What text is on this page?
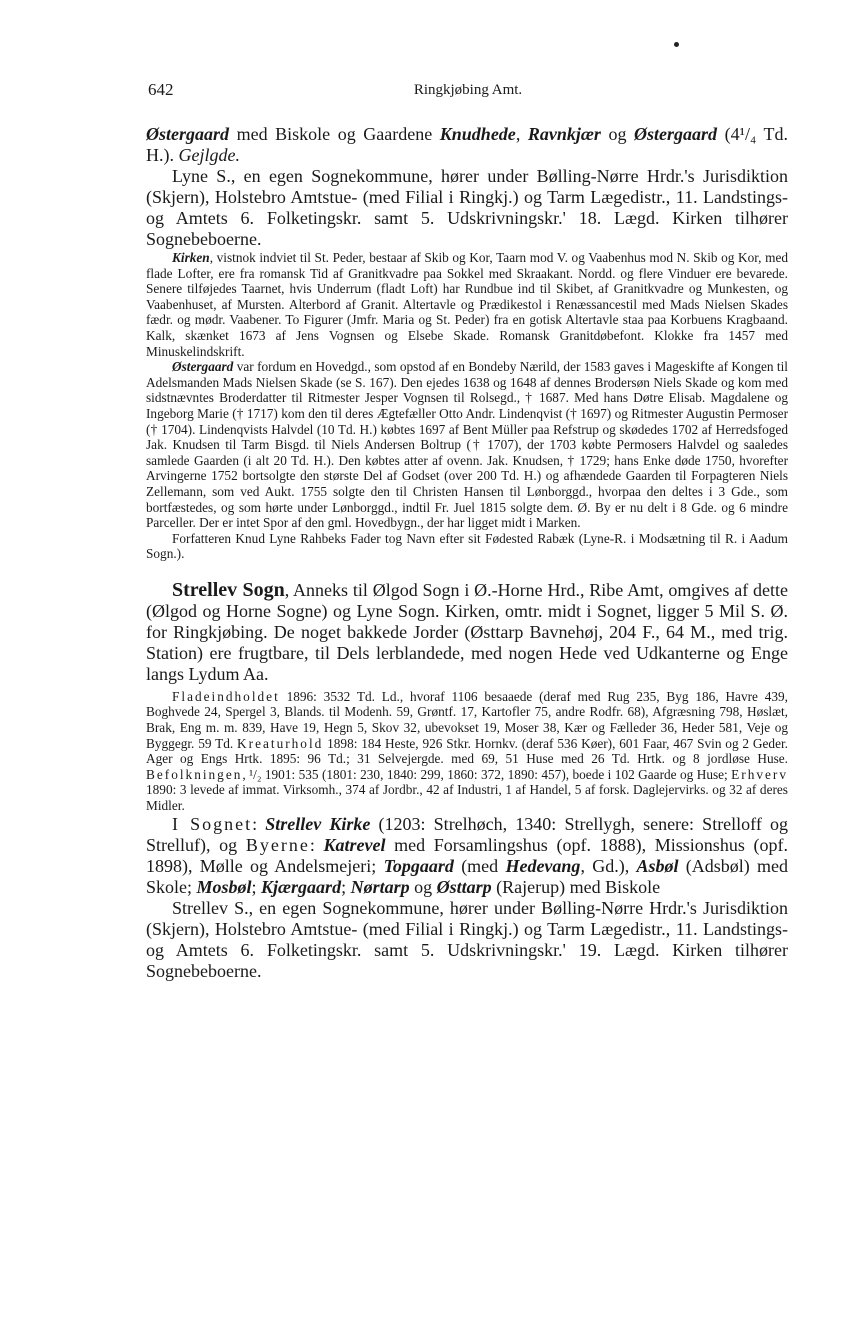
642	Ringkjøbing Amt.

Østergaard med Biskole og Gaardene Knudhede, Ravnkjær og Østergaard (4¹/₄ Td. H.). Gejlgde.

Lyne S., en egen Sognekommune, hører under Bølling-Nørre Hrdr.'s Jurisdiktion (Skjern), Holstebro Amtstue- (med Filial i Ringkj.) og Tarm Lægedistr., 11. Landstings- og Amtets 6. Folketingskr. samt 5. Udskrivningskr.' 18. Lægd. Kirken tilhører Sognebeboerne.

Kirken, vistnok indviet til St. Peder, bestaar af Skib og Kor, Taarn mod V. og Vaabenhus mod N. Skib og Kor, med flade Lofter, ere fra romansk Tid af Granitkvadre paa Sokkel med Skraakant. Nordd. og flere Vinduer ere bevarede. Senere tilføjedes Taarnet, hvis Underrum (fladt Loft) har Rundbue ind til Skibet, af Granitkvadre og Munkesten, og Vaabenhuset, af Mursten. Alterbord af Granit. Altertavle og Prædikestol i Renæssancestil med Mads Nielsen Skades fædr. og mødr. Vaabener. To Figurer (Jmfr. Maria og St. Peder) fra en gotisk Altertavle staa paa Korbuens Kragbaand. Kalk, skænket 1673 af Jens Vognsen og Elsebe Skade. Romansk Granitdøbefont. Klokke fra 1457 med Minuskelindskrift.

Østergaard var fordum en Hovedgd., som opstod af en Bondeby Nærild, der 1583 gaves i Mageskifte af Kongen til Adelsmanden Mads Nielsen Skade (se S. 167). Den ejedes 1638 og 1648 af dennes Brodersøn Niels Skade og kom med sidstnævntes Broderdatter til Ritmester Jesper Vognsen til Rolsegd., † 1687. Med hans Døtre Elisab. Magdalene og Ingeborg Marie († 1717) kom den til deres Ægtefæller Otto Andr. Lindenqvist († 1697) og Ritmester Augustin Permoser († 1704). Lindenqvists Halvdel (10 Td. H.) købtes 1697 af Bent Müller paa Refstrup og skødedes 1702 af Herredsfoged Jak. Knudsen til Tarm Bisgd. til Niels Andersen Boltrup († 1707), der 1703 købte Permosers Halvdel og saaledes samlede Gaarden (i alt 20 Td. H.). Den købtes atter af ovenn. Jak. Knudsen, † 1729; hans Enke døde 1750, hvorefter Arvingerne 1752 bortsolgte den største Del af Godset (over 200 Td. H.) og afhændede Gaarden til Forpagteren Niels Zellemann, som ved Aukt. 1755 solgte den til Christen Hansen til Lønborggd., hvorpaa den deltes i 3 Gde., som bortfæstedes, og som hørte under Lønborggd., indtil Fr. Juel 1815 solgte dem. Ø. By er nu delt i 8 Gde. og 6 mindre Parceller. Der er intet Spor af den gml. Hovedbygn., der har ligget midt i Marken.

Forfatteren Knud Lyne Rahbeks Fader tog Navn efter sit Fødested Rabæk (Lyne-R. i Modsætning til R. i Aadum Sogn.).

Strellev Sogn, Anneks til Ølgod Sogn i Ø.-Horne Hrd., Ribe Amt, omgives af dette (Ølgod og Horne Sogne) og Lyne Sogn. Kirken, omtr. midt i Sognet, ligger 5 Mil S. Ø. for Ringkjøbing. De noget bakkede Jorder (Østtarp Bavnehøj, 204 F., 64 M., med trig. Station) ere frugtbare, til Dels lerblandede, med nogen Hede ved Udkanterne og Enge langs Lydum Aa.

Fladeindholdet 1896: 3532 Td. Ld., hvoraf 1106 besaaede (deraf med Rug 235, Byg 186, Havre 439, Boghvede 24, Spergel 3, Blands. til Modenh. 59, Grøntf. 17, Kartofler 75, andre Rodfr. 68), Afgræsning 798, Høslæt, Brak, Eng m. m. 839, Have 19, Hegn 5, Skov 32, ubevokset 19, Moser 38, Kær og Fælleder 36, Heder 581, Veje og Byggegr. 59 Td. Kreaturhold 1898: 184 Heste, 926 Stkr. Hornkv. (deraf 536 Køer), 601 Faar, 467 Svin og 2 Geder. Ager og Engs Hrtk. 1895: 96 Td.; 31 Selvejergde. med 69, 51 Huse med 26 Td. Hrtk. og 8 jordløse Huse. Befolkningen, ¹/₂ 1901: 535 (1801: 230, 1840: 299, 1860: 372, 1890: 457), boede i 102 Gaarde og Huse; Erhverv 1890: 3 levede af immat. Virksomh., 374 af Jordbr., 42 af Industri, 1 af Handel, 5 af forsk. Daglejervirks. og 32 af deres Midler.

I Sognet: Strellev Kirke (1203: Strelhøch, 1340: Strellygh, senere: Strelloff og Strelluf), og Byerne: Katrevel med Forsamlingshus (opf. 1888), Missionshus (opf. 1898), Mølle og Andelsmejeri; Topgaard (med Hedevang, Gd.), Asbøl (Adsbøl) med Skole; Mosbøl; Kjærgaard; Nørtarp og Østtarp (Rajerup) med Biskole

Strellev S., en egen Sognekommune, hører under Bølling-Nørre Hrdr.'s Jurisdiktion (Skjern), Holstebro Amtstue- (med Filial i Ringkj.) og Tarm Lægedistr., 11. Landstings- og Amtets 6. Folketingskr. samt 5. Udskrivningskr.' 19. Lægd. Kirken tilhører Sognebeboerne.
